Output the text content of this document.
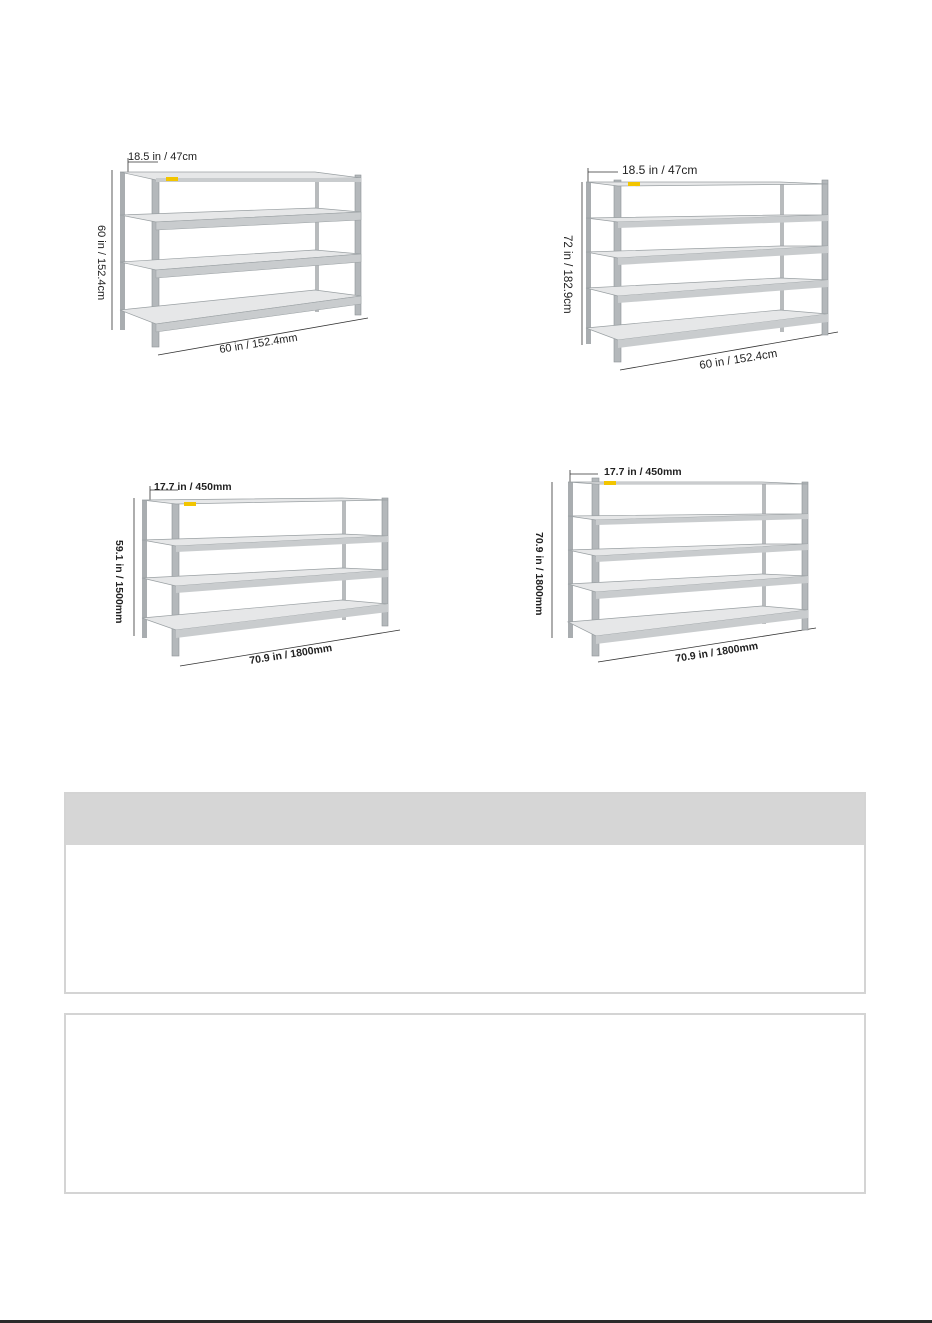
18.5 in / 47cm
60 in / 152.4cm
60 in / 152.4mm
18.5 in / 47cm
72 in / 182.9cm
60 in / 152.4cm
17.7 in / 450mm
59.1 in / 1500mm
70.9 in / 1800mm
17.7 in / 450mm
70.9 in / 1800mm
70.9 in / 1800mm
